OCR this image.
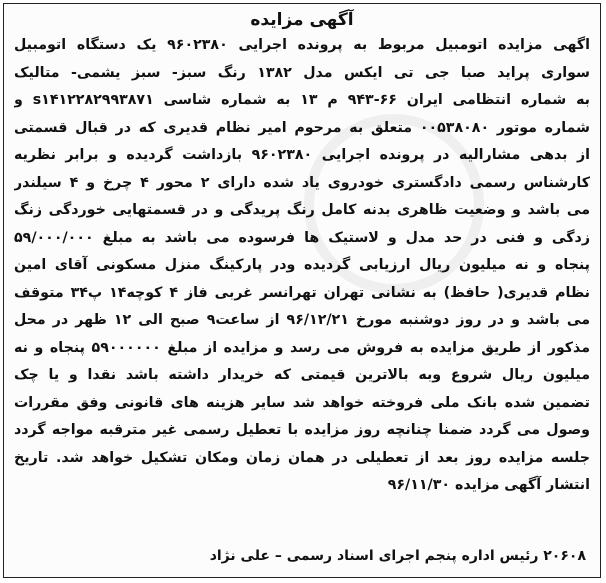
آگهی مزایده
اگهی مزایده اتومبیل مربوط به پرونده اجرایی ۹۶۰۲۳۸۰ یک دستگاه اتومبیل
سواری پراید صبا جی تی ایکس مدل ۱۳۸۲ رنگ سبز- سبز یشمی- متالیک
به شماره انتظامی ایران ۶۶-۹۴۳ م ۱۳ به شماره شاسی s۱۴۱۲۲۸۲۹۹۳۸۷۱ و
شماره موتور ۰۰۵۳۸۰۸۰ متعلق به مرحوم امیر نظام قدیری که در قبال قسمتی
از بدهی مشارالیه در پرونده اجرایی ۹۶۰۲۳۸۰ بازداشت گردیده و برابر نظریه
کارشناس رسمی دادگستری خودروی یاد شده دارای ۲ محور ۴ چرخ و ۴ سیلندر
می باشد و وضعیت ظاهری بدنه کامل رنگ پریدگی و در قسمتهایی خوردگی زنگ
زدگی و فنی در حد مدل و لاستیک ها فرسوده می باشد به مبلغ ۵۹/۰۰۰/۰۰۰
پنجاه و نه میلیون ریال ارزیابی گردیده ودر پارکینگ منزل مسکونی آقای امین
نظام قدیری( حافظ) به نشانی تهران تهرانسر غربی فاز ۴ کوچه۱۴ پ۳۴ متوقف
می باشد و در روز دوشنبه مورخ ۹۶/۱۲/۲۱ از ساعت۹ صبح الی ۱۲ ظهر در محل
مذکور از طریق مزایده به فروش می رسد و مزایده از مبلغ ۵۹۰۰۰۰۰۰ پنجاه و نه
میلیون ریال شروع وبه بالاترین قیمتی که خریدار داشته باشد نقدا و یا چک
تضمین شده بانک ملی فروخته خواهد شد سایر هزینه های قانونی وفق مقررات
وصول می گردد ضمنا چنانچه روز مزایده با تعطیل رسمی غیر مترقبه مواجه گردد
جلسه مزایده روز بعد از تعطیلی در همان زمان ومکان تشکیل خواهد شد. تاریخ
انتشار آگهی مزایده ۹۶/۱۱/۳۰
۲۰۶۰۸ رئیس اداره پنجم اجرای اسناد رسمی – علی نژاد
